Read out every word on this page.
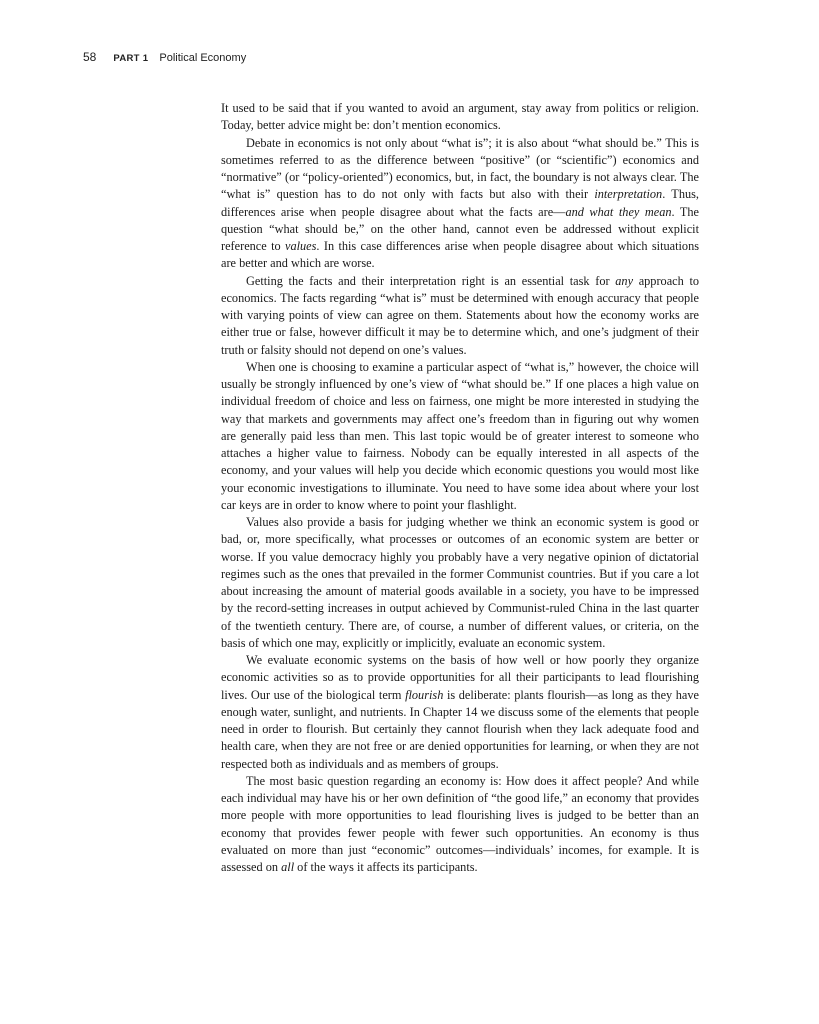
58 PART 1 Political Economy

It used to be said that if you wanted to avoid an argument, stay away from politics or religion. Today, better advice might be: don’t mention economics.

Debate in economics is not only about “what is”; it is also about “what should be.” This is sometimes referred to as the difference between “positive” (or “scientific”) economics and “normative” (or “policy-oriented”) economics, but, in fact, the boundary is not always clear. The “what is” question has to do not only with facts but also with their interpretation. Thus, differences arise when people disagree about what the facts are—and what they mean. The question “what should be,” on the other hand, cannot even be addressed without explicit reference to values. In this case differences arise when people disagree about which situations are better and which are worse.

Getting the facts and their interpretation right is an essential task for any approach to economics. The facts regarding “what is” must be determined with enough accuracy that people with varying points of view can agree on them. Statements about how the economy works are either true or false, however difficult it may be to determine which, and one’s judgment of their truth or falsity should not depend on one’s values.

When one is choosing to examine a particular aspect of “what is,” however, the choice will usually be strongly influenced by one’s view of “what should be.” If one places a high value on individual freedom of choice and less on fairness, one might be more interested in studying the way that markets and governments may affect one’s freedom than in figuring out why women are generally paid less than men. This last topic would be of greater interest to someone who attaches a higher value to fairness. Nobody can be equally interested in all aspects of the economy, and your values will help you decide which economic questions you would most like your economic investigations to illuminate. You need to have some idea about where your lost car keys are in order to know where to point your flashlight.

Values also provide a basis for judging whether we think an economic system is good or bad, or, more specifically, what processes or outcomes of an economic system are better or worse. If you value democracy highly you probably have a very negative opinion of dictatorial regimes such as the ones that prevailed in the former Communist countries. But if you care a lot about increasing the amount of material goods available in a society, you have to be impressed by the record-setting increases in output achieved by Communist-ruled China in the last quarter of the twentieth century. There are, of course, a number of different values, or criteria, on the basis of which one may, explicitly or implicitly, evaluate an economic system.

We evaluate economic systems on the basis of how well or how poorly they organize economic activities so as to provide opportunities for all their participants to lead flourishing lives. Our use of the biological term flourish is deliberate: plants flourish—as long as they have enough water, sunlight, and nutrients. In Chapter 14 we discuss some of the elements that people need in order to flourish. But certainly they cannot flourish when they lack adequate food and health care, when they are not free or are denied opportunities for learning, or when they are not respected both as individuals and as members of groups.

The most basic question regarding an economy is: How does it affect people? And while each individual may have his or her own definition of “the good life,” an economy that provides more people with more opportunities to lead flourishing lives is judged to be better than an economy that provides fewer people with fewer such opportunities. An economy is thus evaluated on more than just “economic” outcomes—individuals’ incomes, for example. It is assessed on all of the ways it affects its participants.
